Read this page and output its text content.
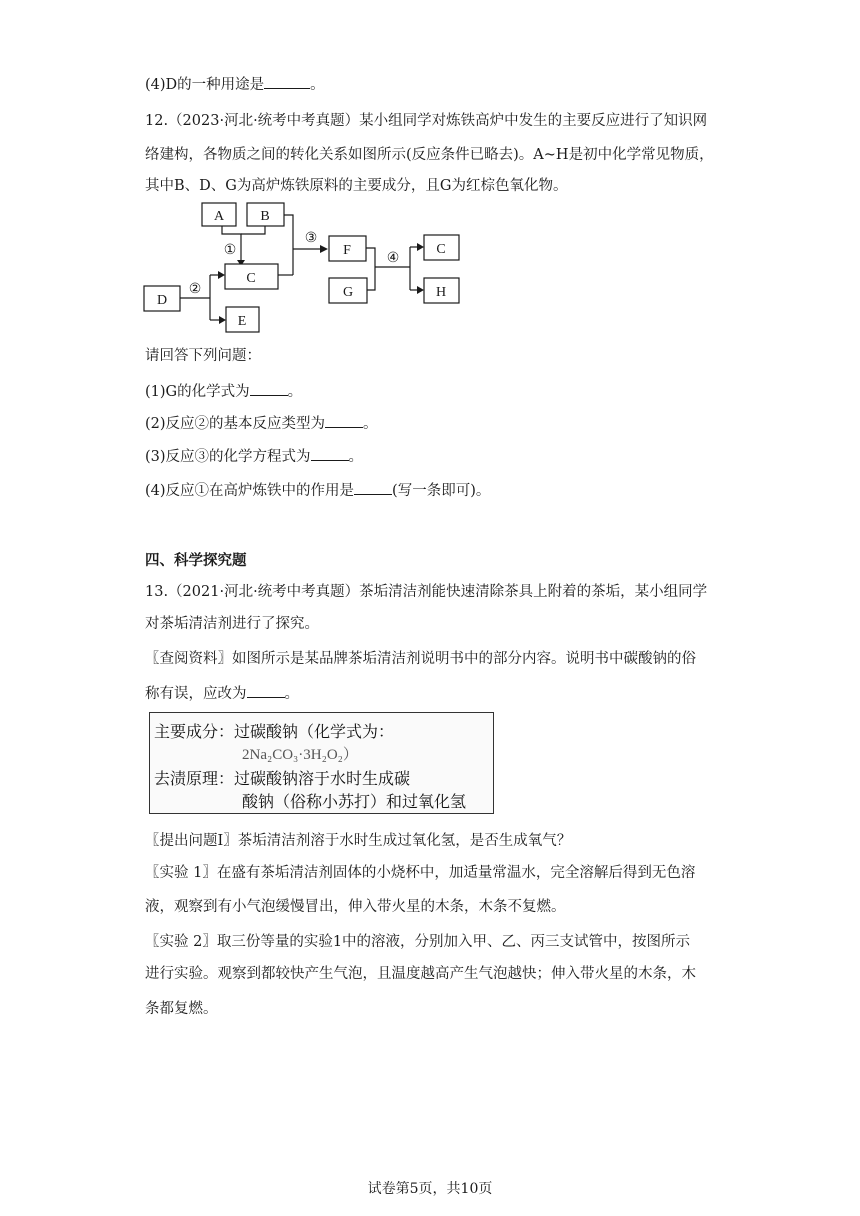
(4)D的一种用途是	。
12.（2023·河北·统考中考真题）某小组同学对炼铁高炉中发生的主要反应进行了知识网
络建构，各物质之间的转化关系如图所示(反应条件已略去)。A~H是初中化学常见物质，
其中B、D、G为高炉炼铁原料的主要成分，且G为红棕色氧化物。
A	B
C
D
E
F
G
C
H
①
②
③
④
请回答下列问题：
(1)G的化学式为	。
(2)反应②的基本反应类型为	。
(3)反应③的化学方程式为	。
(4)反应①在高炉炼铁中的作用是	(写一条即可)。
四、科学探究题
13.（2021·河北·统考中考真题）茶垢清洁剂能快速清除茶具上附着的茶垢，某小组同学
对茶垢清洁剂进行了探究。
〖查阅资料〗如图所示是某品牌茶垢清洁剂说明书中的部分内容。说明书中碳酸钠的俗
称有误，应改为	。
主要成分：过碳酸钠（化学式为：
2Na₂CO₃·3H₂O₂）
去渍原理：过碳酸钠溶于水时生成碳
酸钠（俗称小苏打）和过氧化氢
〖提出问题I〗茶垢清洁剂溶于水时生成过氧化氢，是否生成氧气？
〖实验 1〗在盛有茶垢清洁剂固体的小烧杯中，加适量常温水，完全溶解后得到无色溶
液，观察到有小气泡缓慢冒出，伸入带火星的木条，木条不复燃。
〖实验 2〗取三份等量的实验1中的溶液，分别加入甲、乙、丙三支试管中，按图所示
进行实验。观察到都较快产生气泡，且温度越高产生气泡越快；伸入带火星的木条，木
条都复燃。
试卷第5页，共10页
